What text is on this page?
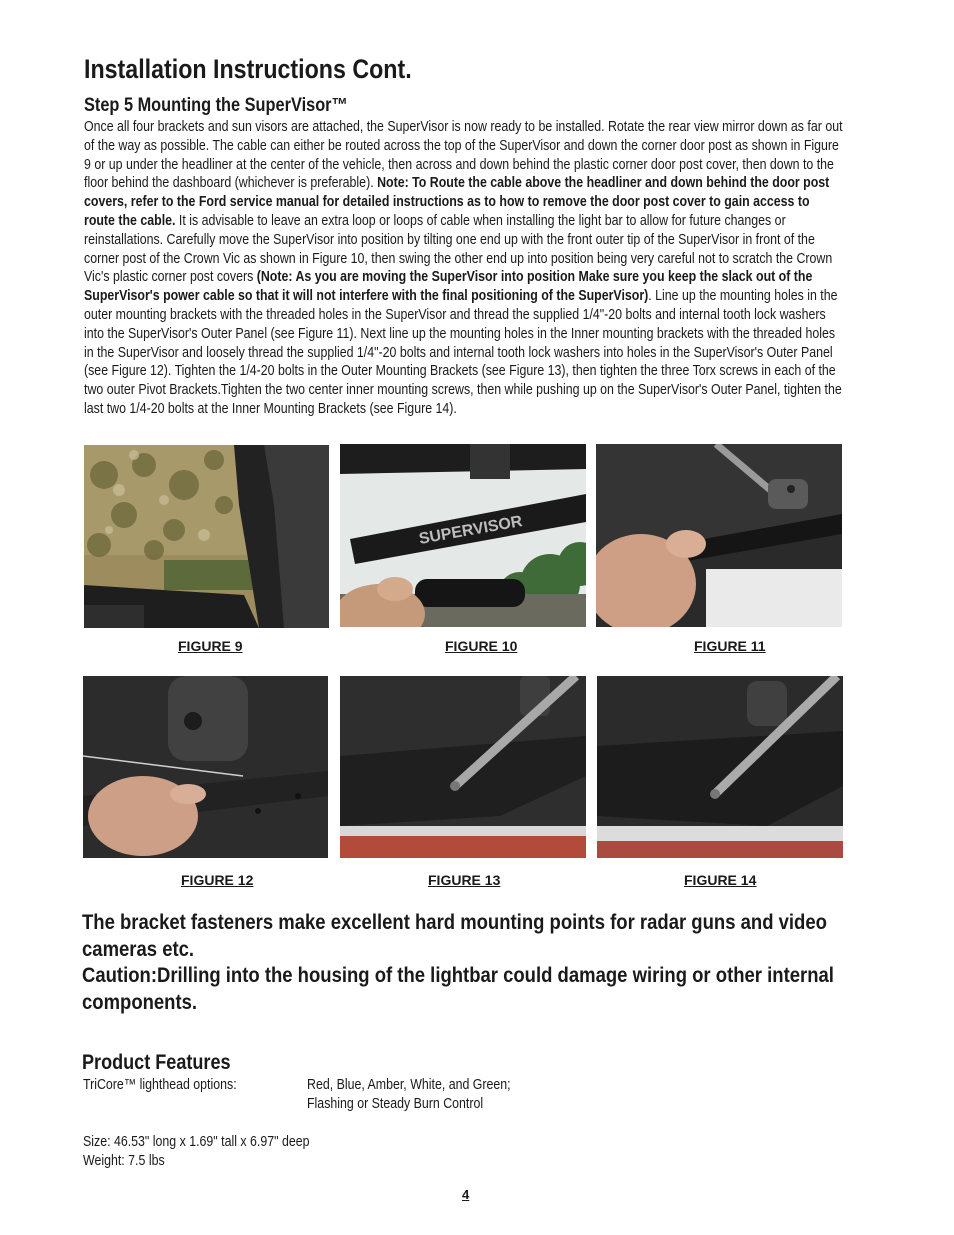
Installation Instructions Cont.
Step 5 Mounting the SuperVisor™

Once all four brackets and sun visors are attached, the SuperVisor is now ready to be installed. Rotate the rear view mirror down as far out of the way as possible. The cable can either be routed across the top of the SuperVisor and down the corner door post as shown in Figure 9 or up under the headliner at the center of the vehicle, then across and down behind the plastic corner door post cover, then down to the floor behind the dashboard (whichever is preferable). Note: To Route the cable above the headliner and down behind the door post covers, refer to the Ford service manual for detailed instructions as to how to remove the door post cover to gain access to route the cable. It is advisable to leave an extra loop or loops of cable when installing the light bar to allow for future changes or reinstallations. Carefully move the SuperVisor into position by tilting one end up with the front outer tip of the SuperVisor in front of the corner post of the Crown Vic as shown in Figure 10, then swing the other end up into position being very careful not to scratch the Crown Vic's plastic corner post covers (Note: As you are moving the SuperVisor into position Make sure you keep the slack out of the SuperVisor's power cable so that it will not interfere with the final positioning of the SuperVisor). Line up the mounting holes in the outer mounting brackets with the threaded holes in the SuperVisor and thread the supplied 1/4"-20 bolts and internal tooth lock washers into the SuperVisor's Outer Panel (see Figure 11). Next line up the mounting holes in the Inner mounting brackets with the threaded holes in the SuperVisor and loosely thread the supplied 1/4"-20 bolts and internal tooth lock washers into holes in the SuperVisor's Outer Panel (see Figure 12). Tighten the 1/4-20 bolts in the Outer Mounting Brackets (see Figure 13), then tighten the three Torx screws in each of the two outer Pivot Brackets.Tighten the two center inner mounting screws, then while pushing up on the SuperVisor's Outer Panel, tighten the last two 1/4-20 bolts at the Inner Mounting Brackets (see Figure 14).

SUPERVISOR
FIGURE 9	FIGURE 10	FIGURE 11
FIGURE 12	FIGURE 13	FIGURE 14

The bracket fasteners make excellent hard mounting points for radar guns and video cameras etc.

Caution:Drilling into the housing of the lightbar could damage wiring or other internal components.

Product Features
TriCore™ lighthead options:	Red, Blue, Amber, White, and Green;
Flashing or Steady Burn Control
Size: 46.53" long x 1.69" tall x 6.97" deep
Weight: 7.5 lbs
4
